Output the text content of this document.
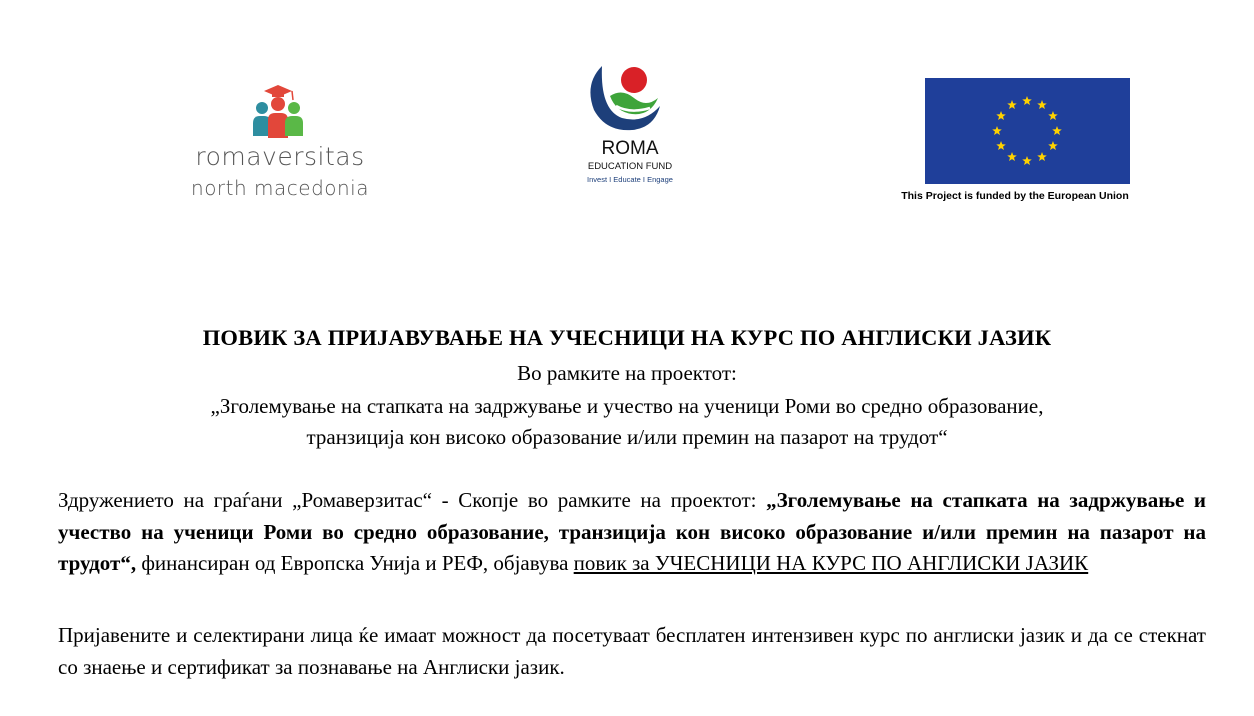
romaversitas
north macedonia
ROMA
EDUCATION FUND
Invest I Educate I Engage
This Project is funded by the European Union
ПОВИК ЗА ПРИЈАВУВАЊЕ НА УЧЕСНИЦИ НА КУРС ПО АНГЛИСКИ ЈАЗИК
Во рамките на проектот:
„Зголемување на стапката на задржување и учество на ученици Роми во средно образование,
транзиција кон високо образование и/или премин на пазарот на трудот“
Здружението на граѓани „Ромаверзитас“ - Скопје во рамките на проектот: „Зголемување на стапката на задржување и учество на ученици Роми во средно образование, транзиција кон високо образование и/или премин на пазарот на трудот“, финансиран од Европска Унија и РЕФ, објавува повик за УЧЕСНИЦИ НА КУРС ПО АНГЛИСКИ ЈАЗИК
Пријавените и селектирани лица ќе имаат можност да посетуваат бесплатен интензивен курс по англиски јазик и да се стекнат со знаење и сертификат за познавање на Англиски јазик.
